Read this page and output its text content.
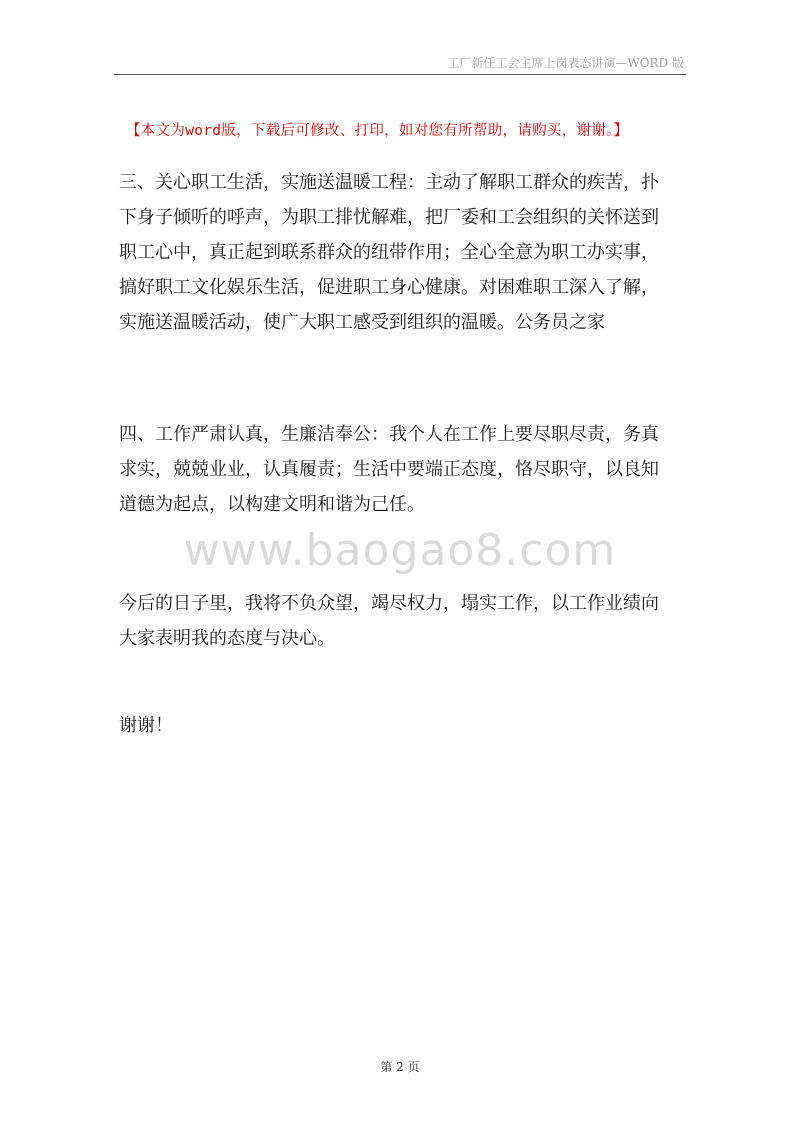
工厂新任工会主席上岗表态讲演—WORD 版
【本文为word版，下载后可修改、打印，如对您有所帮助，请购买，谢谢。】
三、关心职工生活，实施送温暖工程：主动了解职工群众的疾苦，扑
下身子倾听的呼声，为职工排忧解难，把厂委和工会组织的关怀送到
职工心中，真正起到联系群众的纽带作用；全心全意为职工办实事，
搞好职工文化娱乐生活，促进职工身心健康。对困难职工深入了解，
实施送温暖活动，使广大职工感受到组织的温暖。公务员之家
四、工作严肃认真，生廉洁奉公：我个人在工作上要尽职尽责，务真
求实，兢兢业业，认真履责；生活中要端正态度，恪尽职守，以良知
道德为起点，以构建文明和谐为己任。
www.baogao8.com
今后的日子里，我将不负众望，竭尽权力，塌实工作，以工作业绩向
大家表明我的态度与决心。
谢谢！
第 2 页
